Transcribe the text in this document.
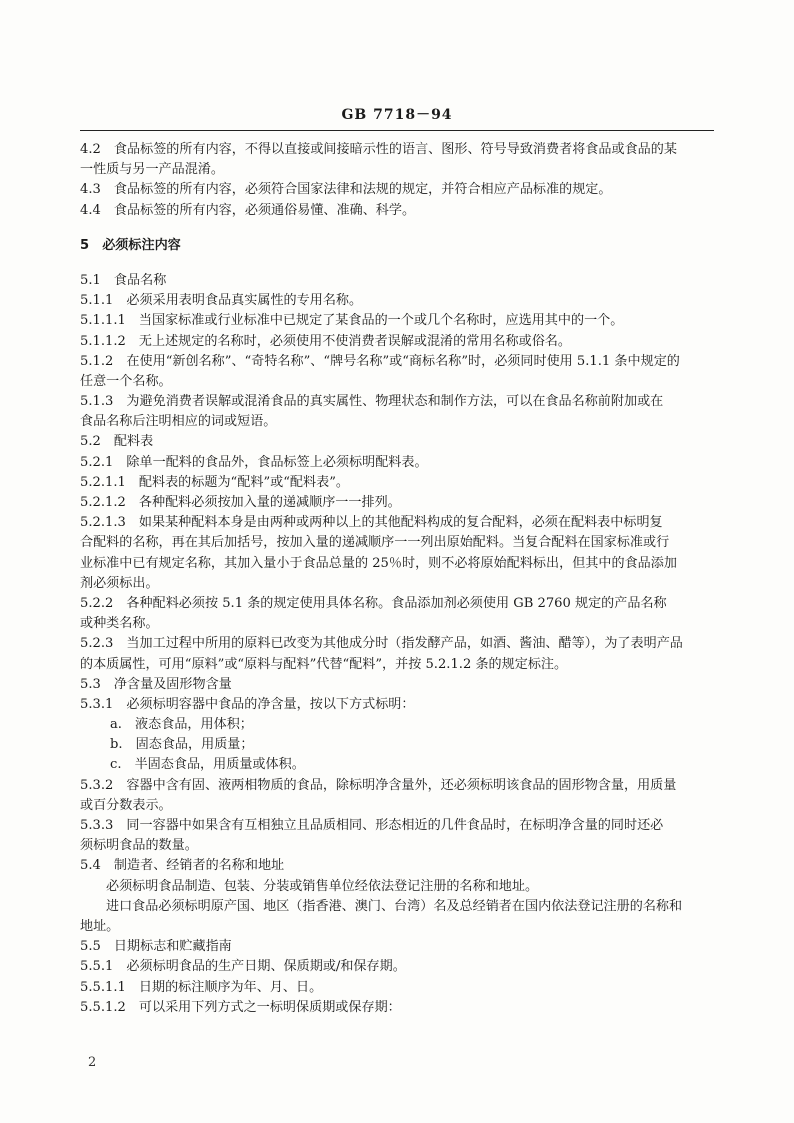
GB 7718－94
4.2　食品标签的所有内容，不得以直接或间接暗示性的语言、图形、符号导致消费者将食品或食品的某
一性质与另一产品混淆。
4.3　食品标签的所有内容，必须符合国家法律和法规的规定，并符合相应产品标准的规定。
4.4　食品标签的所有内容，必须通俗易懂、准确、科学。
5　必须标注内容
5.1　食品名称
5.1.1　必须采用表明食品真实属性的专用名称。
5.1.1.1　当国家标准或行业标准中已规定了某食品的一个或几个名称时，应选用其中的一个。
5.1.1.2　无上述规定的名称时，必须使用不使消费者误解或混淆的常用名称或俗名。
5.1.2　在使用“新创名称”、“奇特名称”、“牌号名称”或“商标名称”时，必须同时使用 5.1.1 条中规定的
任意一个名称。
5.1.3　为避免消费者误解或混淆食品的真实属性、物理状态和制作方法，可以在食品名称前附加或在
食品名称后注明相应的词或短语。
5.2　配料表
5.2.1　除单一配料的食品外，食品标签上必须标明配料表。
5.2.1.1　配料表的标题为“配料”或“配料表”。
5.2.1.2　各种配料必须按加入量的递减顺序一一排列。
5.2.1.3　如果某种配料本身是由两种或两种以上的其他配料构成的复合配料，必须在配料表中标明复
合配料的名称，再在其后加括号，按加入量的递减顺序一一列出原始配料。当复合配料在国家标准或行
业标准中已有规定名称，其加入量小于食品总量的 25％时，则不必将原始配料标出，但其中的食品添加
剂必须标出。
5.2.2　各种配料必须按 5.1 条的规定使用具体名称。食品添加剂必须使用 GB 2760 规定的产品名称
或种类名称。
5.2.3　当加工过程中所用的原料已改变为其他成分时（指发酵产品，如酒、酱油、醋等），为了表明产品
的本质属性，可用“原料”或“原料与配料”代替“配料”，并按 5.2.1.2 条的规定标注。
5.3　净含量及固形物含量
5.3.1　必须标明容器中食品的净含量，按以下方式标明：
a.　液态食品，用体积；
b.　固态食品，用质量；
c.　半固态食品，用质量或体积。
5.3.2　容器中含有固、液两相物质的食品，除标明净含量外，还必须标明该食品的固形物含量，用质量
或百分数表示。
5.3.3　同一容器中如果含有互相独立且品质相同、形态相近的几件食品时，在标明净含量的同时还必
须标明食品的数量。
5.4　制造者、经销者的名称和地址
必须标明食品制造、包装、分装或销售单位经依法登记注册的名称和地址。
进口食品必须标明原产国、地区（指香港、澳门、台湾）名及总经销者在国内依法登记注册的名称和
地址。
5.5　日期标志和贮藏指南
5.5.1　必须标明食品的生产日期、保质期或/和保存期。
5.5.1.1　日期的标注顺序为年、月、日。
5.5.1.2　可以采用下列方式之一标明保质期或保存期：
2
